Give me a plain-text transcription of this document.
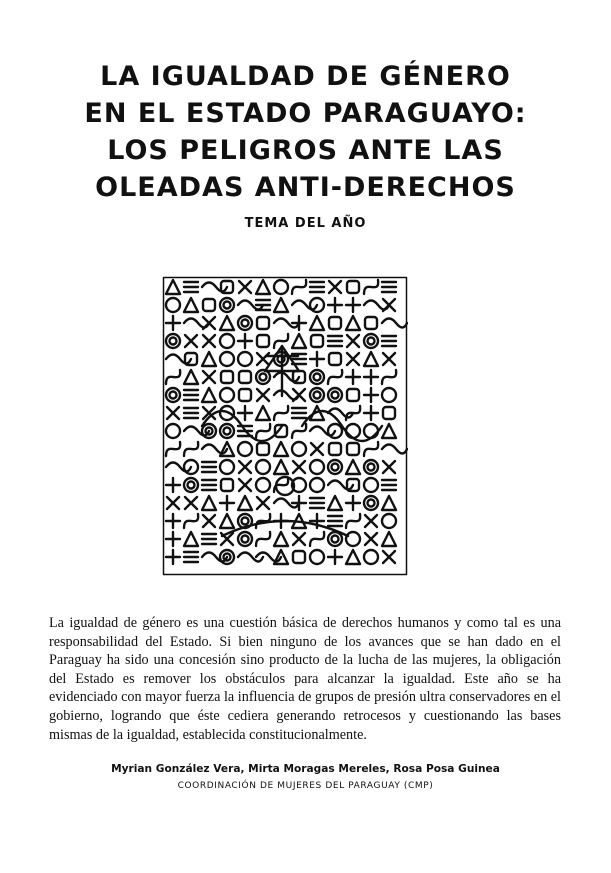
LA IGUALDAD DE GÉNERO
EN EL ESTADO PARAGUAYO:
LOS PELIGROS ANTE LAS
OLEADAS ANTI-DERECHOS
TEMA DEL AÑO

La igualdad de género es una cuestión básica de derechos humanos y como tal es una responsabilidad del Estado. Si bien ninguno de los avances que se han dado en el Paraguay ha sido una concesión sino producto de la lucha de las mujeres, la obligación del Estado es remover los obstáculos para alcanzar la igualdad. Este año se ha evidenciado con mayor fuerza la influencia de grupos de presión ultra conservadores en el gobierno, logrando que éste cediera generando retrocesos y cuestionando las bases mismas de la igualdad, establecida constitucionalmente.

Myrian González Vera, Mirta Moragas Mereles, Rosa Posa Guinea
COORDINACIÓN DE MUJERES DEL PARAGUAY (CMP)
